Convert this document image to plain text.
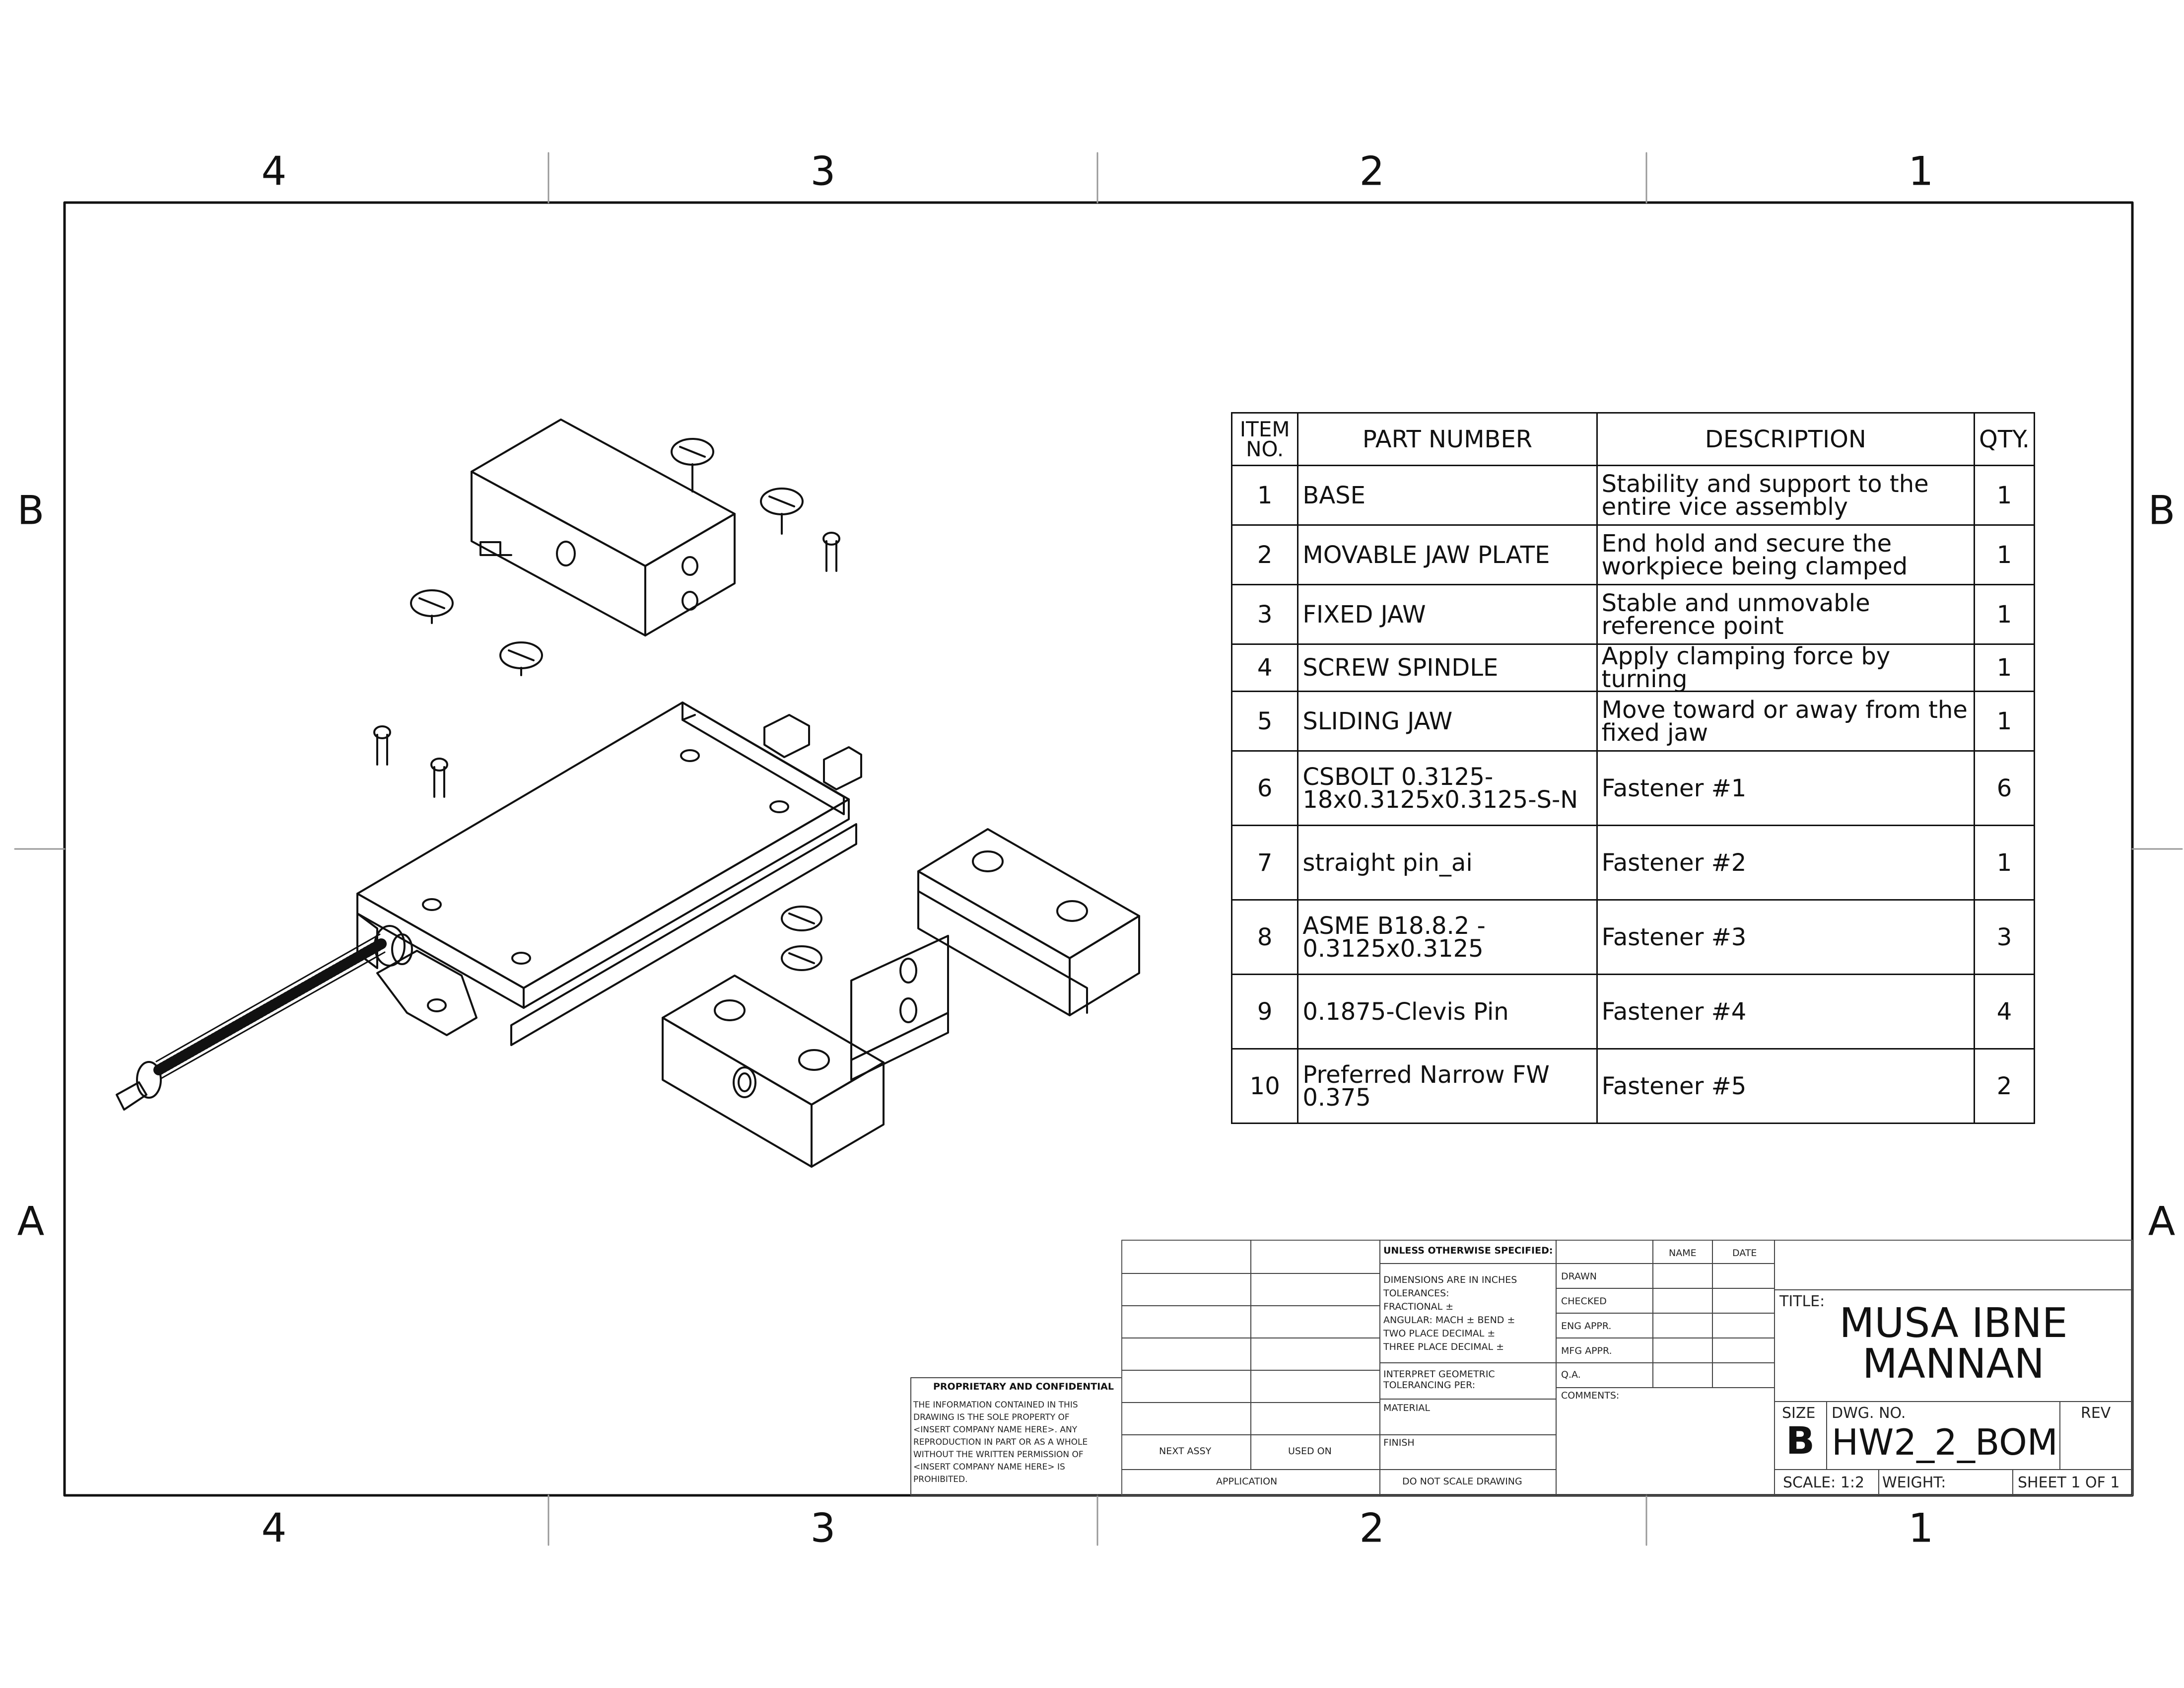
4	3	2	1
4	3	2	1
B
A
B
A
ITEM NO.	PART NUMBER	DESCRIPTION	QTY.
1	BASE	Stability and support to the entire vice assembly	1
2	MOVABLE JAW PLATE	End hold and secure the workpiece being clamped	1
3	FIXED JAW	Stable and unmovable reference point	1
4	SCREW SPINDLE	Apply clamping force by turning	1
5	SLIDING JAW	Move toward or away from the fixed jaw	1
6	CSBOLT 0.3125-18x0.3125x0.3125-S-N	Fastener #1	6
7	straight pin_ai	Fastener #2	1
8	ASME B18.8.2 - 0.3125x0.3125	Fastener #3	3
9	0.1875-Clevis Pin	Fastener #4	4
10	Preferred Narrow FW 0.375	Fastener #5	2
PROPRIETARY AND CONFIDENTIAL
THE INFORMATION CONTAINED IN THIS
DRAWING IS THE SOLE PROPERTY OF
<INSERT COMPANY NAME HERE>. ANY
REPRODUCTION IN PART OR AS A WHOLE
WITHOUT THE WRITTEN PERMISSION OF
<INSERT COMPANY NAME HERE> IS
PROHIBITED.
NEXT ASSY	USED ON
APPLICATION
UNLESS OTHERWISE SPECIFIED:
DIMENSIONS ARE IN INCHES
TOLERANCES:
FRACTIONAL ±
ANGULAR: MACH ± BEND ±
TWO PLACE DECIMAL ±
THREE PLACE DECIMAL ±
INTERPRET GEOMETRIC
TOLERANCING PER:
MATERIAL
FINISH
DO NOT SCALE DRAWING
NAME	DATE
DRAWN
CHECKED
ENG APPR.
MFG APPR.
Q.A.
COMMENTS:
TITLE: MUSA IBNE
MANNAN
SIZE
B
DWG. NO.
HW2_2_BOM
REV
SCALE: 1:2 WEIGHT:	SHEET 1 OF 1
